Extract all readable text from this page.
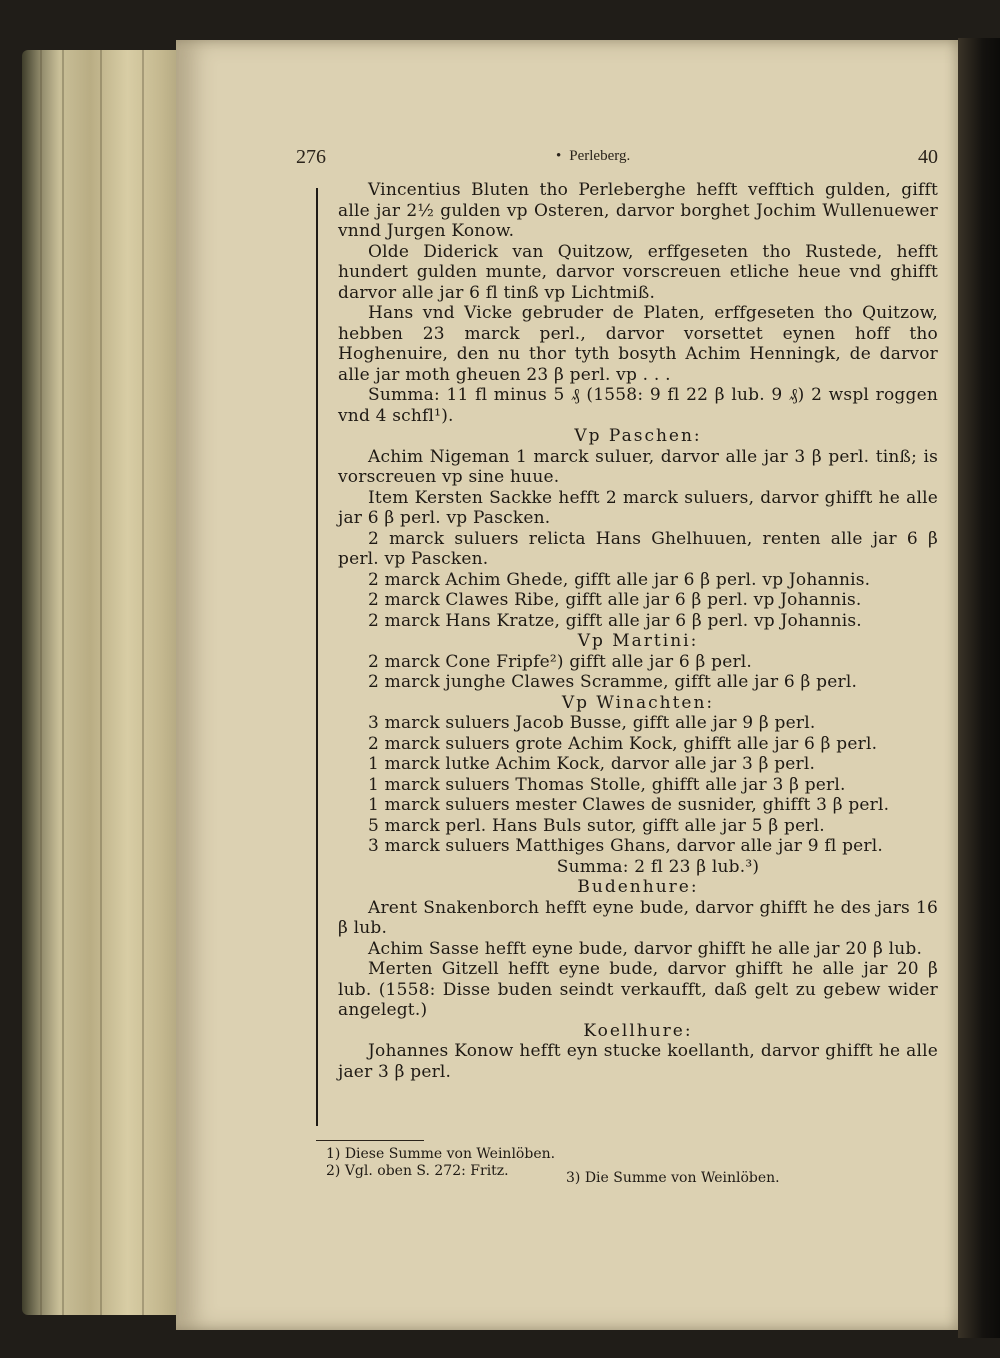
276	• Perleberg.	40

Vincentius Bluten tho Perleberghe hefft vefftich gulden, gifft alle jar 2½ gulden vp Osteren, darvor borghet Jochim Wullenuewer vnnd Jurgen Konow.

Olde Diderick van Quitzow, erffgeseten tho Rustede, hefft hundert gulden munte, darvor vorscreuen etliche heue vnd ghifft darvor alle jar 6 fl tinß vp Lichtmiß.

Hans vnd Vicke gebruder de Platen, erffgeseten tho Quitzow, hebben 23 marck perl., darvor vorsettet eynen hoff tho Hoghenuire, den nu thor tyth bosyth Achim Henningk, de darvor alle jar moth gheuen 23 β perl. vp . . .

Summa: 11 fl minus 5 ₰ (1558: 9 fl 22 β lub. 9 ₰) 2 wspl roggen vnd 4 schfl¹).

Vp Paschen:

Achim Nigeman 1 marck suluer, darvor alle jar 3 β perl. tinß; is vorscreuen vp sine huue.

Item Kersten Sackke hefft 2 marck suluers, darvor ghifft he alle jar 6 β perl. vp Pascken.

2 marck suluers relicta Hans Ghelhuuen, renten alle jar 6 β perl. vp Pascken.

2 marck Achim Ghede, gifft alle jar 6 β perl. vp Johannis.

2 marck Clawes Ribe, gifft alle jar 6 β perl. vp Johannis.

2 marck Hans Kratze, gifft alle jar 6 β perl. vp Johannis.

Vp Martini:

2 marck Cone Fripfe²) gifft alle jar 6 β perl.

2 marck junghe Clawes Scramme, gifft alle jar 6 β perl.

Vp Winachten:

3 marck suluers Jacob Busse, gifft alle jar 9 β perl.

2 marck suluers grote Achim Kock, ghifft alle jar 6 β perl.

1 marck lutke Achim Kock, darvor alle jar 3 β perl.

1 marck suluers Thomas Stolle, ghifft alle jar 3 β perl.

1 marck suluers mester Clawes de susnider, ghifft 3 β perl.

5 marck perl. Hans Buls sutor, gifft alle jar 5 β perl.

3 marck suluers Matthiges Ghans, darvor alle jar 9 fl perl.

Summa: 2 fl 23 β lub.³)

Budenhure:

Arent Snakenborch hefft eyne bude, darvor ghifft he des jars 16 β lub.

Achim Sasse hefft eyne bude, darvor ghifft he alle jar 20 β lub.

Merten Gitzell hefft eyne bude, darvor ghifft he alle jar 20 β lub. (1558: Disse buden seindt verkaufft, daß gelt zu gebew wider angelegt.)

Koellhure:

Johannes Konow hefft eyn stucke koellanth, darvor ghifft he alle jaer 3 β perl.

1) Diese Summe von Weinlöben.
2) Vgl. oben S. 272: Fritz.	3) Die Summe von Weinlöben.
